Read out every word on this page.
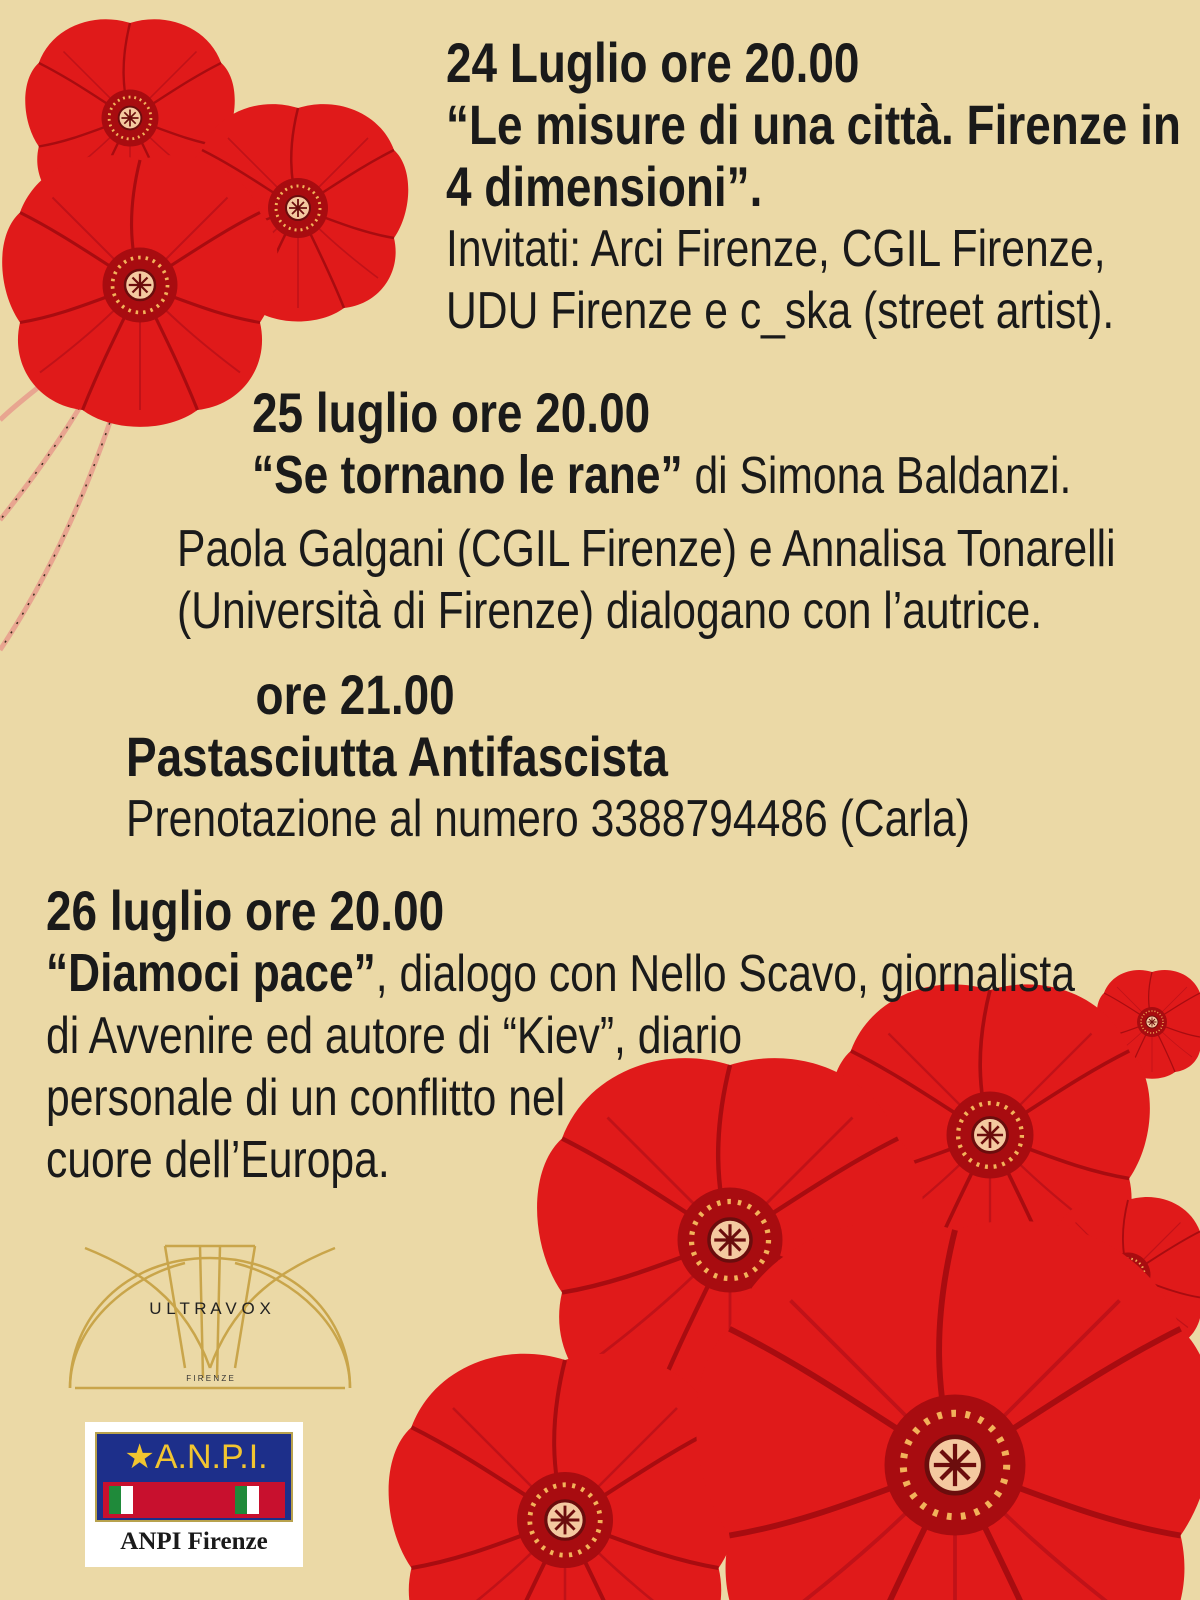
24 Luglio ore 20.00
“Le misure di una città. Firenze in
4 dimensioni”.
Invitati: Arci Firenze, CGIL Firenze,
UDU Firenze e c_ska (street artist).
25 luglio ore 20.00
“Se tornano le rane” di Simona Baldanzi.
Paola Galgani (CGIL Firenze) e Annalisa Tonarelli
(Università di Firenze) dialogano con l’autrice.
ore 21.00
Pastasciutta Antifascista
Prenotazione al numero 3388794486 (Carla)
26 luglio ore 20.00
“Diamoci pace”, dialogo con Nello Scavo, giornalista
di Avvenire ed autore di “Kiev”, diario
personale di un conflitto nel
cuore dell’Europa.
U L T R A V O X
F I R E N Z E
★A.N.P.I.
ANPI Firenze
